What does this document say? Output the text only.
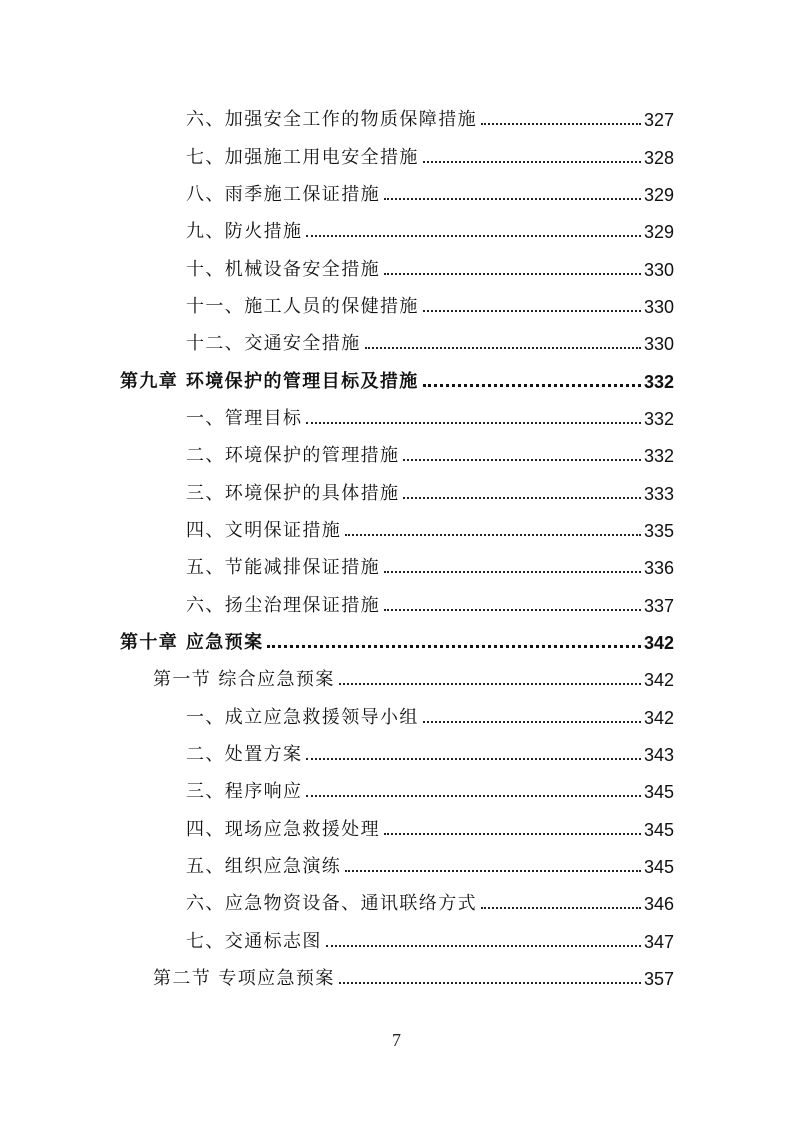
六、加强安全工作的物质保障措施	327
七、加强施工用电安全措施	328
八、雨季施工保证措施	329
九、防火措施	329
十、机械设备安全措施	330
十一、施工人员的保健措施	330
十二、交通安全措施	330
第九章 环境保护的管理目标及措施	332
一、管理目标	332
二、环境保护的管理措施	332
三、环境保护的具体措施	333
四、文明保证措施	335
五、节能减排保证措施	336
六、扬尘治理保证措施	337
第十章 应急预案	342
第一节 综合应急预案	342
一、成立应急救援领导小组	342
二、处置方案	343
三、程序响应	345
四、现场应急救援处理	345
五、组织应急演练	345
六、应急物资设备、通讯联络方式	346
七、交通标志图	347
第二节 专项应急预案	357
7
